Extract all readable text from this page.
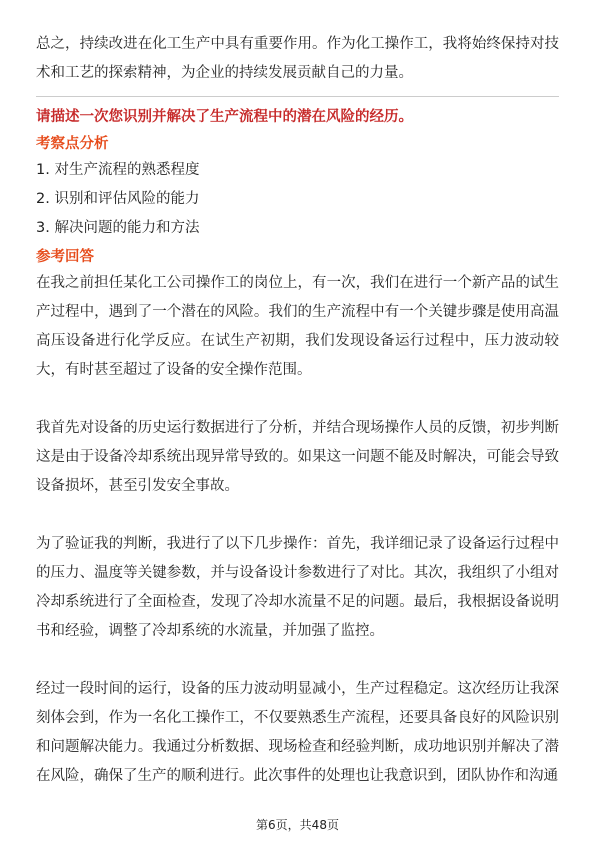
总之，持续改进在化工生产中具有重要作用。作为化工操作工，我将始终保持对技术和工艺的探索精神，为企业的持续发展贡献自己的力量。

请描述一次您识别并解决了生产流程中的潜在风险的经历。

考察点分析

1. 对生产流程的熟悉程度
2. 识别和评估风险的能力
3. 解决问题的能力和方法

参考回答

在我之前担任某化工公司操作工的岗位上，有一次，我们在进行一个新产品的试生产过程中，遇到了一个潜在的风险。我们的生产流程中有一个关键步骤是使用高温高压设备进行化学反应。在试生产初期，我们发现设备运行过程中，压力波动较大，有时甚至超过了设备的安全操作范围。

我首先对设备的历史运行数据进行了分析，并结合现场操作人员的反馈，初步判断这是由于设备冷却系统出现异常导致的。如果这一问题不能及时解决，可能会导致设备损坏，甚至引发安全事故。

为了验证我的判断，我进行了以下几步操作：首先，我详细记录了设备运行过程中的压力、温度等关键参数，并与设备设计参数进行了对比。其次，我组织了小组对冷却系统进行了全面检查，发现了冷却水流量不足的问题。最后，我根据设备说明书和经验，调整了冷却系统的水流量，并加强了监控。

经过一段时间的运行，设备的压力波动明显减小，生产过程稳定。这次经历让我深刻体会到，作为一名化工操作工，不仅要熟悉生产流程，还要具备良好的风险识别和问题解决能力。我通过分析数据、现场检查和经验判断，成功地识别并解决了潜在风险，确保了生产的顺利进行。此次事件的处理也让我意识到，团队协作和沟通

第6页，共48页
